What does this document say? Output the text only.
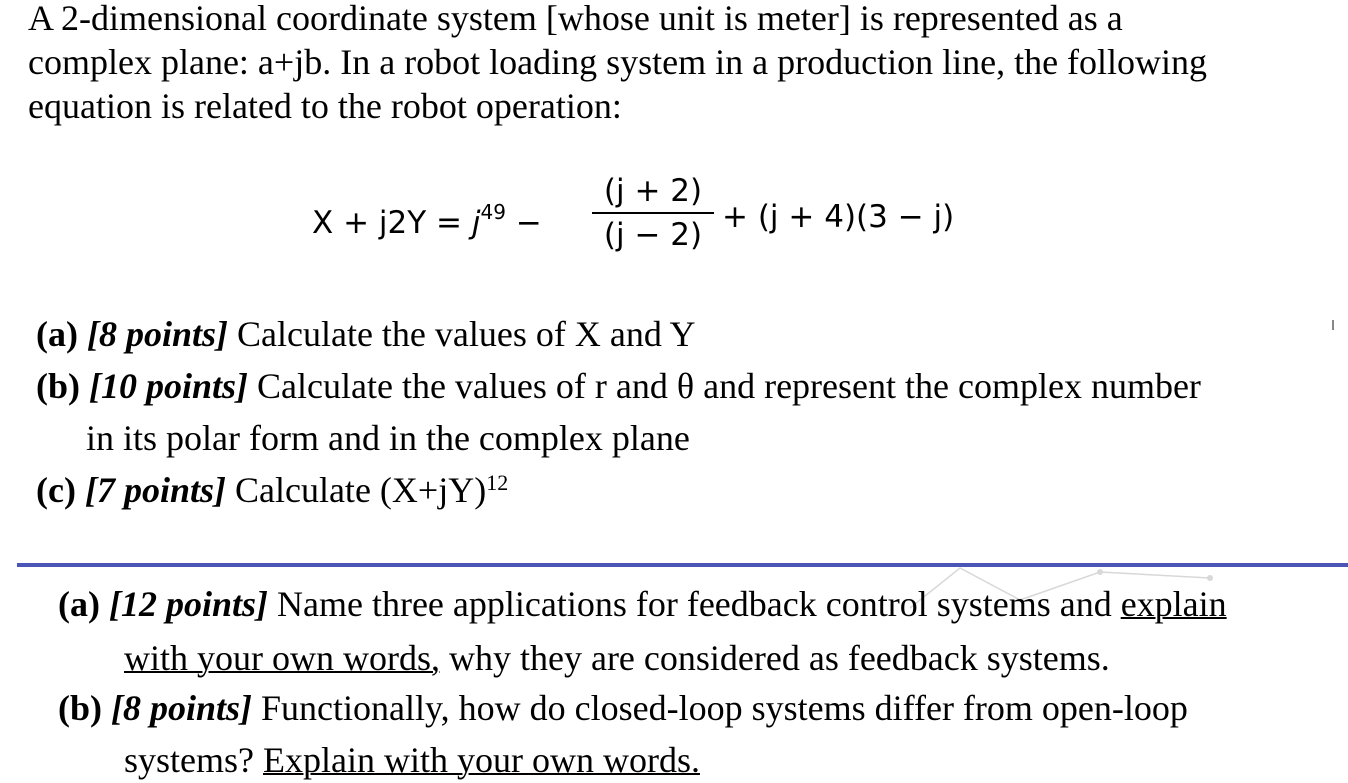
A 2-dimensional coordinate system [whose unit is meter] is represented as a
complex plane: a+jb. In a robot loading system in a production line, the following
equation is related to the robot operation:
$X + j2Y = j^{49}$ −
(j + 2)
(j − 2) + (j + 4)(3 − j)
(a) [8 points] Calculate the values of X and Y
(b) [10 points] Calculate the values of r and θ and represent the complex number
in its polar form and in the complex plane
(c) [7 points] Calculate $(X+jY)^{12}$
(a) [12 points] Name three applications for feedback control systems and explain
with your own words, why they are considered as feedback systems.
(b) [8 points] Functionally, how do closed-loop systems differ from open-loop
systems? Explain with your own words.
